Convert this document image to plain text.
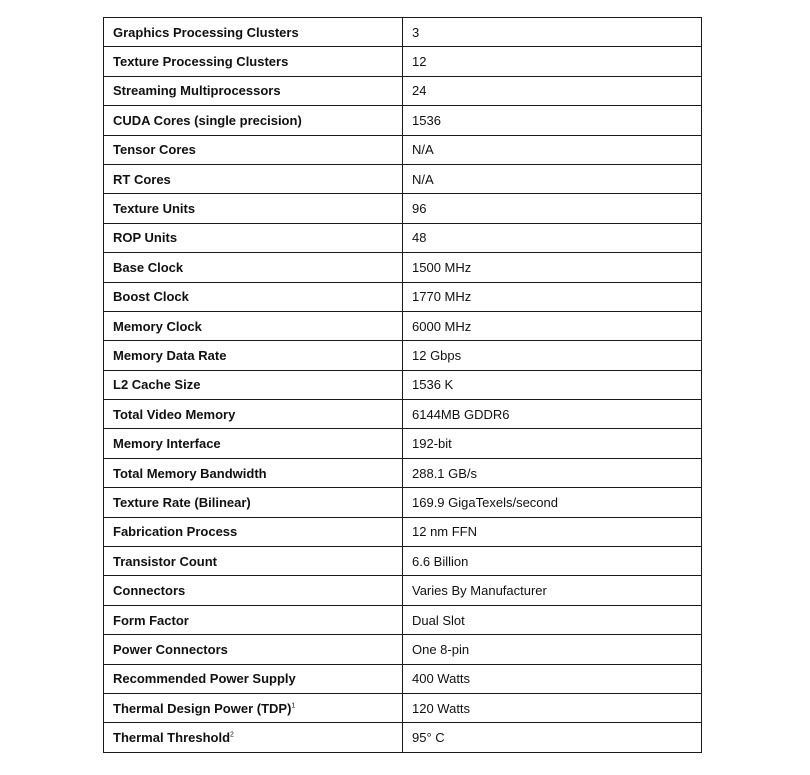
Graphics Processing Clusters	3
Texture Processing Clusters	12
Streaming Multiprocessors	24
CUDA Cores (single precision)	1536
Tensor Cores	N/A
RT Cores	N/A
Texture Units	96
ROP Units	48
Base Clock	1500 MHz
Boost Clock	1770 MHz
Memory Clock	6000 MHz
Memory Data Rate	12 Gbps
L2 Cache Size	1536 K
Total Video Memory	6144MB GDDR6
Memory Interface	192-bit
Total Memory Bandwidth	288.1 GB/s
Texture Rate (Bilinear)	169.9 GigaTexels/second
Fabrication Process	12 nm FFN
Transistor Count	6.6 Billion
Connectors	Varies By Manufacturer
Form Factor	Dual Slot
Power Connectors	One 8-pin
Recommended Power Supply	400 Watts
Thermal Design Power (TDP)$^1$	120 Watts
Thermal Threshold$^2$	95° C
